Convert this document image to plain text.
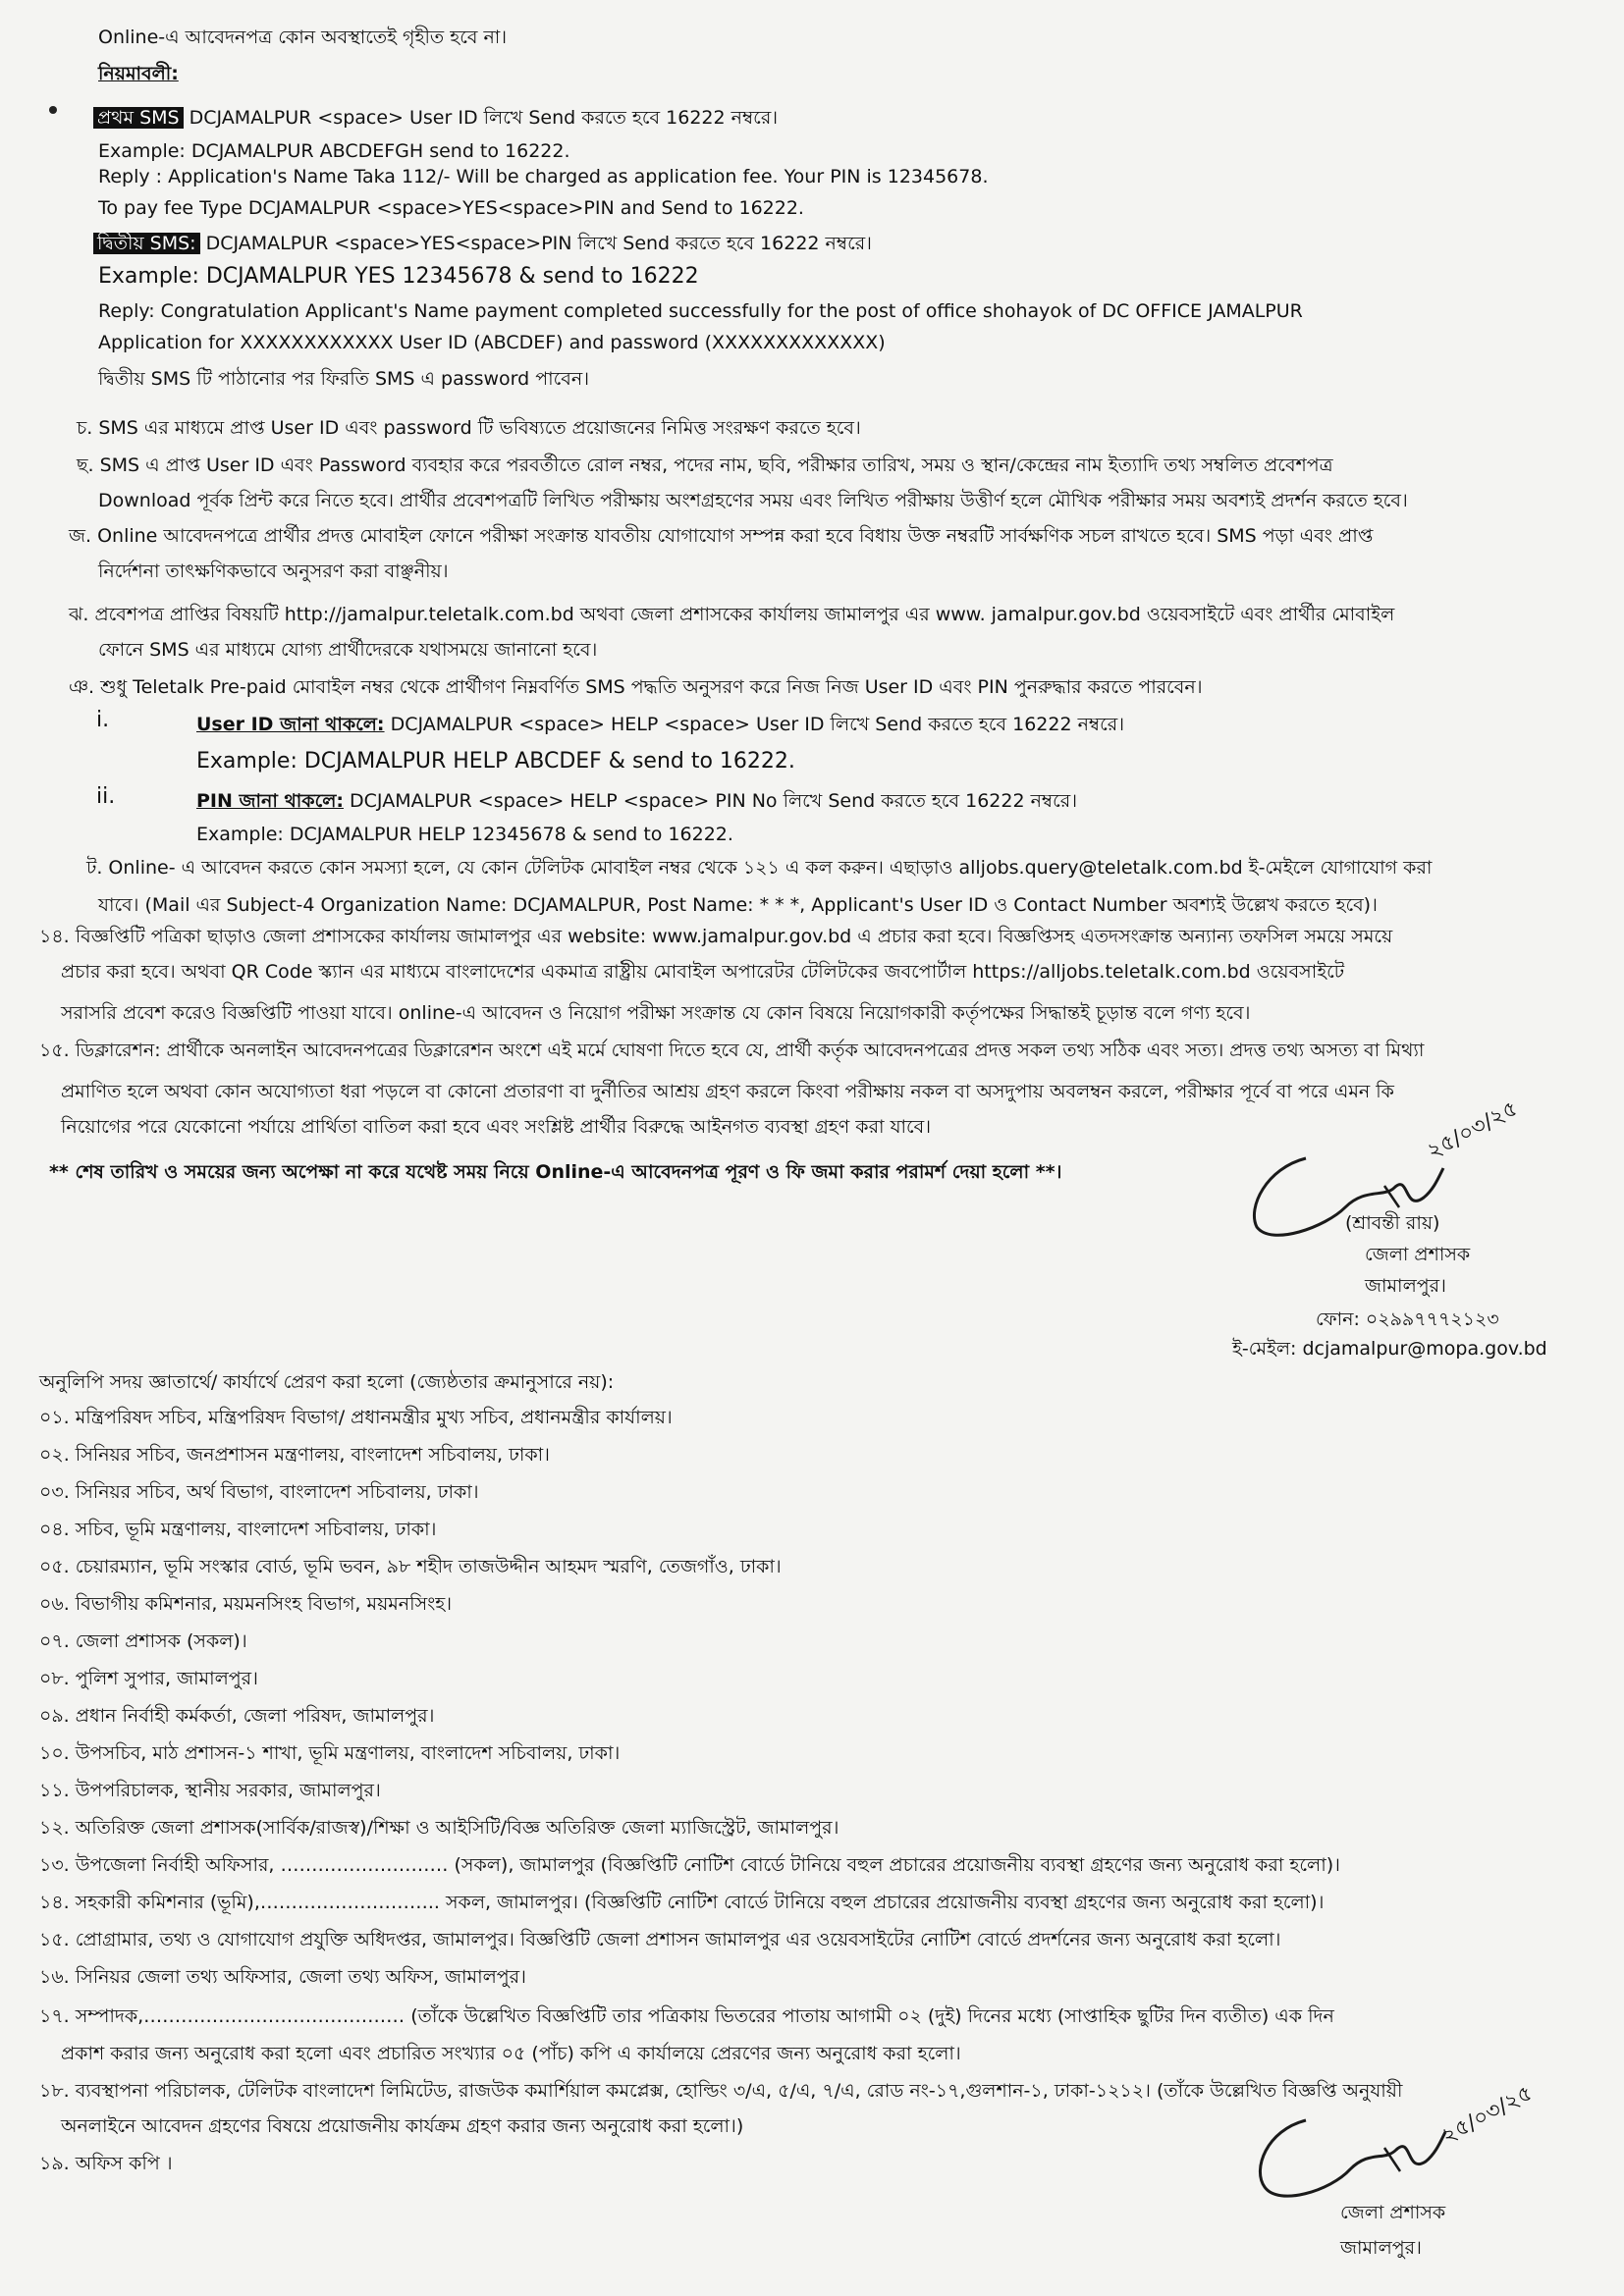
Online-এ আবেদনপত্র কোন অবস্থাতেই গৃহীত হবে না।
নিয়মাবলী:
প্রথম SMS DCJAMALPUR <space> User ID লিখে Send করতে হবে 16222 নম্বরে।
Example: DCJAMALPUR ABCDEFGH send to 16222.
Reply : Application's Name Taka 112/- Will be charged as application fee. Your PIN is 12345678.
To pay fee Type DCJAMALPUR <space>YES<space>PIN and Send to 16222.
দ্বিতীয় SMS: DCJAMALPUR <space>YES<space>PIN লিখে Send করতে হবে 16222 নম্বরে।
Example: DCJAMALPUR YES 12345678 & send to 16222
Reply: Congratulation Applicant's Name payment completed successfully for the post of office shohayok of DC OFFICE JAMALPUR
Application for XXXXXXXXXXXX User ID (ABCDEF) and password (XXXXXXXXXXXXX)
দ্বিতীয় SMS টি পাঠানোর পর ফিরতি SMS এ password পাবেন।
চ. SMS এর মাধ্যমে প্রাপ্ত User ID এবং password টি ভবিষ্যতে প্রয়োজনের নিমিত্ত সংরক্ষণ করতে হবে।
ছ. SMS এ প্রাপ্ত User ID এবং Password ব্যবহার করে পরবর্তীতে রোল নম্বর, পদের নাম, ছবি, পরীক্ষার তারিখ, সময় ও স্থান/কেন্দ্রের নাম ইত্যাদি তথ্য সম্বলিত প্রবেশপত্র
Download পূর্বক প্রিন্ট করে নিতে হবে। প্রার্থীর প্রবেশপত্রটি লিখিত পরীক্ষায় অংশগ্রহণের সময় এবং লিখিত পরীক্ষায় উত্তীর্ণ হলে মৌখিক পরীক্ষার সময় অবশ্যই প্রদর্শন করতে হবে।
জ. Online আবেদনপত্রে প্রার্থীর প্রদত্ত মোবাইল ফোনে পরীক্ষা সংক্রান্ত যাবতীয় যোগাযোগ সম্পন্ন করা হবে বিধায় উক্ত নম্বরটি সার্বক্ষণিক সচল রাখতে হবে। SMS পড়া এবং প্রাপ্ত
নির্দেশনা তাৎক্ষণিকভাবে অনুসরণ করা বাঞ্ছনীয়।
ঝ. প্রবেশপত্র প্রাপ্তির বিষয়টি http://jamalpur.teletalk.com.bd অথবা জেলা প্রশাসকের কার্যালয় জামালপুর এর www. jamalpur.gov.bd ওয়েবসাইটে এবং প্রার্থীর মোবাইল
ফোনে SMS এর মাধ্যমে যোগ্য প্রার্থীদেরকে যথাসময়ে জানানো হবে।
ঞ. শুধু Teletalk Pre-paid মোবাইল নম্বর থেকে প্রার্থীগণ নিম্নবর্ণিত SMS পদ্ধতি অনুসরণ করে নিজ নিজ User ID এবং PIN পুনরুদ্ধার করতে পারবেন।
i.	User ID জানা থাকলে: DCJAMALPUR <space> HELP <space> User ID লিখে Send করতে হবে 16222 নম্বরে।
Example: DCJAMALPUR HELP ABCDEF & send to 16222.
ii.	PIN জানা থাকলে: DCJAMALPUR <space> HELP <space> PIN No লিখে Send করতে হবে 16222 নম্বরে।
Example: DCJAMALPUR HELP 12345678 & send to 16222.
ট. Online- এ আবেদন করতে কোন সমস্যা হলে, যে কোন টেলিটক মোবাইল নম্বর থেকে ১২১ এ কল করুন। এছাড়াও alljobs.query@teletalk.com.bd ই-মেইলে যোগাযোগ করা
যাবে। (Mail এর Subject-4 Organization Name: DCJAMALPUR, Post Name: * * *, Applicant's User ID ও Contact Number অবশ্যই উল্লেখ করতে হবে)।
১৪. বিজ্ঞপ্তিটি পত্রিকা ছাড়াও জেলা প্রশাসকের কার্যালয় জামালপুর এর website: www.jamalpur.gov.bd এ প্রচার করা হবে। বিজ্ঞপ্তিসহ এতদসংক্রান্ত অন্যান্য তফসিল সময়ে সময়ে
প্রচার করা হবে। অথবা QR Code স্ক্যান এর মাধ্যমে বাংলাদেশের একমাত্র রাষ্ট্রীয় মোবাইল অপারেটর টেলিটকের জবপোর্টাল https://alljobs.teletalk.com.bd ওয়েবসাইটে
সরাসরি প্রবেশ করেও বিজ্ঞপ্তিটি পাওয়া যাবে। online-এ আবেদন ও নিয়োগ পরীক্ষা সংক্রান্ত যে কোন বিষয়ে নিয়োগকারী কর্তৃপক্ষের সিদ্ধান্তই চূড়ান্ত বলে গণ্য হবে।
১৫. ডিক্লারেশন: প্রার্থীকে অনলাইন আবেদনপত্রের ডিক্লারেশন অংশে এই মর্মে ঘোষণা দিতে হবে যে, প্রার্থী কর্তৃক আবেদনপত্রের প্রদত্ত সকল তথ্য সঠিক এবং সত্য। প্রদত্ত তথ্য অসত্য বা মিথ্যা
প্রমাণিত হলে অথবা কোন অযোগ্যতা ধরা পড়লে বা কোনো প্রতারণা বা দুর্নীতির আশ্রয় গ্রহণ করলে কিংবা পরীক্ষায় নকল বা অসদুপায় অবলম্বন করলে, পরীক্ষার পূর্বে বা পরে এমন কি
নিয়োগের পরে যেকোনো পর্যায়ে প্রার্থিতা বাতিল করা হবে এবং সংশ্লিষ্ট প্রার্থীর বিরুদ্ধে আইনগত ব্যবস্থা গ্রহণ করা যাবে।
** শেষ তারিখ ও সময়ের জন্য অপেক্ষা না করে যথেষ্ট সময় নিয়ে Online-এ আবেদনপত্র পূরণ ও ফি জমা করার পরামর্শ দেয়া হলো **।
২৫/০৩/২৫
(শ্রাবন্তী রায়)
জেলা প্রশাসক
জামালপুর।
ফোন: ০২৯৯৭৭৭২১২৩
ই-মেইল: dcjamalpur@mopa.gov.bd
অনুলিপি সদয় জ্ঞাতার্থে/ কার্যার্থে প্রেরণ করা হলো (জ্যেষ্ঠতার ক্রমানুসারে নয়):
০১. মন্ত্রিপরিষদ সচিব, মন্ত্রিপরিষদ বিভাগ/ প্রধানমন্ত্রীর মুখ্য সচিব, প্রধানমন্ত্রীর কার্যালয়।
০২. সিনিয়র সচিব, জনপ্রশাসন মন্ত্রণালয়, বাংলাদেশ সচিবালয়, ঢাকা।
০৩. সিনিয়র সচিব, অর্থ বিভাগ, বাংলাদেশ সচিবালয়, ঢাকা।
০৪. সচিব, ভূমি মন্ত্রণালয়, বাংলাদেশ সচিবালয়, ঢাকা।
০৫. চেয়ারম্যান, ভূমি সংস্কার বোর্ড, ভূমি ভবন, ৯৮ শহীদ তাজউদ্দীন আহমদ স্মরণি, তেজগাঁও, ঢাকা।
০৬. বিভাগীয় কমিশনার, ময়মনসিংহ বিভাগ, ময়মনসিংহ।
০৭. জেলা প্রশাসক (সকল)।
০৮. পুলিশ সুপার, জামালপুর।
০৯. প্রধান নির্বাহী কর্মকর্তা, জেলা পরিষদ, জামালপুর।
১০. উপসচিব, মাঠ প্রশাসন-১ শাখা, ভূমি মন্ত্রণালয়, বাংলাদেশ সচিবালয়, ঢাকা।
১১. উপপরিচালক, স্থানীয় সরকার, জামালপুর।
১২. অতিরিক্ত জেলা প্রশাসক(সার্বিক/রাজস্ব)/শিক্ষা ও আইসিটি/বিজ্ঞ অতিরিক্ত জেলা ম্যাজিস্ট্রেট, জামালপুর।
১৩. উপজেলা নির্বাহী অফিসার, ……………………… (সকল), জামালপুর (বিজ্ঞপ্তিটি নোটিশ বোর্ডে টানিয়ে বহুল প্রচারের প্রয়োজনীয় ব্যবস্থা গ্রহণের জন্য অনুরোধ করা হলো)।
১৪. সহকারী কমিশনার (ভূমি),……………………….. সকল, জামালপুর। (বিজ্ঞপ্তিটি নোটিশ বোর্ডে টানিয়ে বহুল প্রচারের প্রয়োজনীয় ব্যবস্থা গ্রহণের জন্য অনুরোধ করা হলো)।
১৫. প্রোগ্রামার, তথ্য ও যোগাযোগ প্রযুক্তি অধিদপ্তর, জামালপুর। বিজ্ঞপ্তিটি জেলা প্রশাসন জামালপুর এর ওয়েবসাইটের নোটিশ বোর্ডে প্রদর্শনের জন্য অনুরোধ করা হলো।
১৬. সিনিয়র জেলা তথ্য অফিসার, জেলা তথ্য অফিস, জামালপুর।
১৭. সম্পাদক,…………………………………… (তাঁকে উল্লেখিত বিজ্ঞপ্তিটি তার পত্রিকায় ভিতরের পাতায় আগামী ০২ (দুই) দিনের মধ্যে (সাপ্তাহিক ছুটির দিন ব্যতীত) এক দিন
প্রকাশ করার জন্য অনুরোধ করা হলো এবং প্রচারিত সংখ্যার ০৫ (পাঁচ) কপি এ কার্যালয়ে প্রেরণের জন্য অনুরোধ করা হলো।
১৮. ব্যবস্থাপনা পরিচালক, টেলিটক বাংলাদেশ লিমিটেড, রাজউক কমার্শিয়াল কমপ্লেক্স, হোল্ডিং ৩/এ, ৫/এ, ৭/এ, রোড নং-১৭,গুলশান-১, ঢাকা-১২১২। (তাঁকে উল্লেখিত বিজ্ঞপ্তি অনুযায়ী
অনলাইনে আবেদন গ্রহণের বিষয়ে প্রয়োজনীয় কার্যক্রম গ্রহণ করার জন্য অনুরোধ করা হলো।)
১৯. অফিস কপি ।
২৫/০৩/২৫
জেলা প্রশাসক
জামালপুর।
